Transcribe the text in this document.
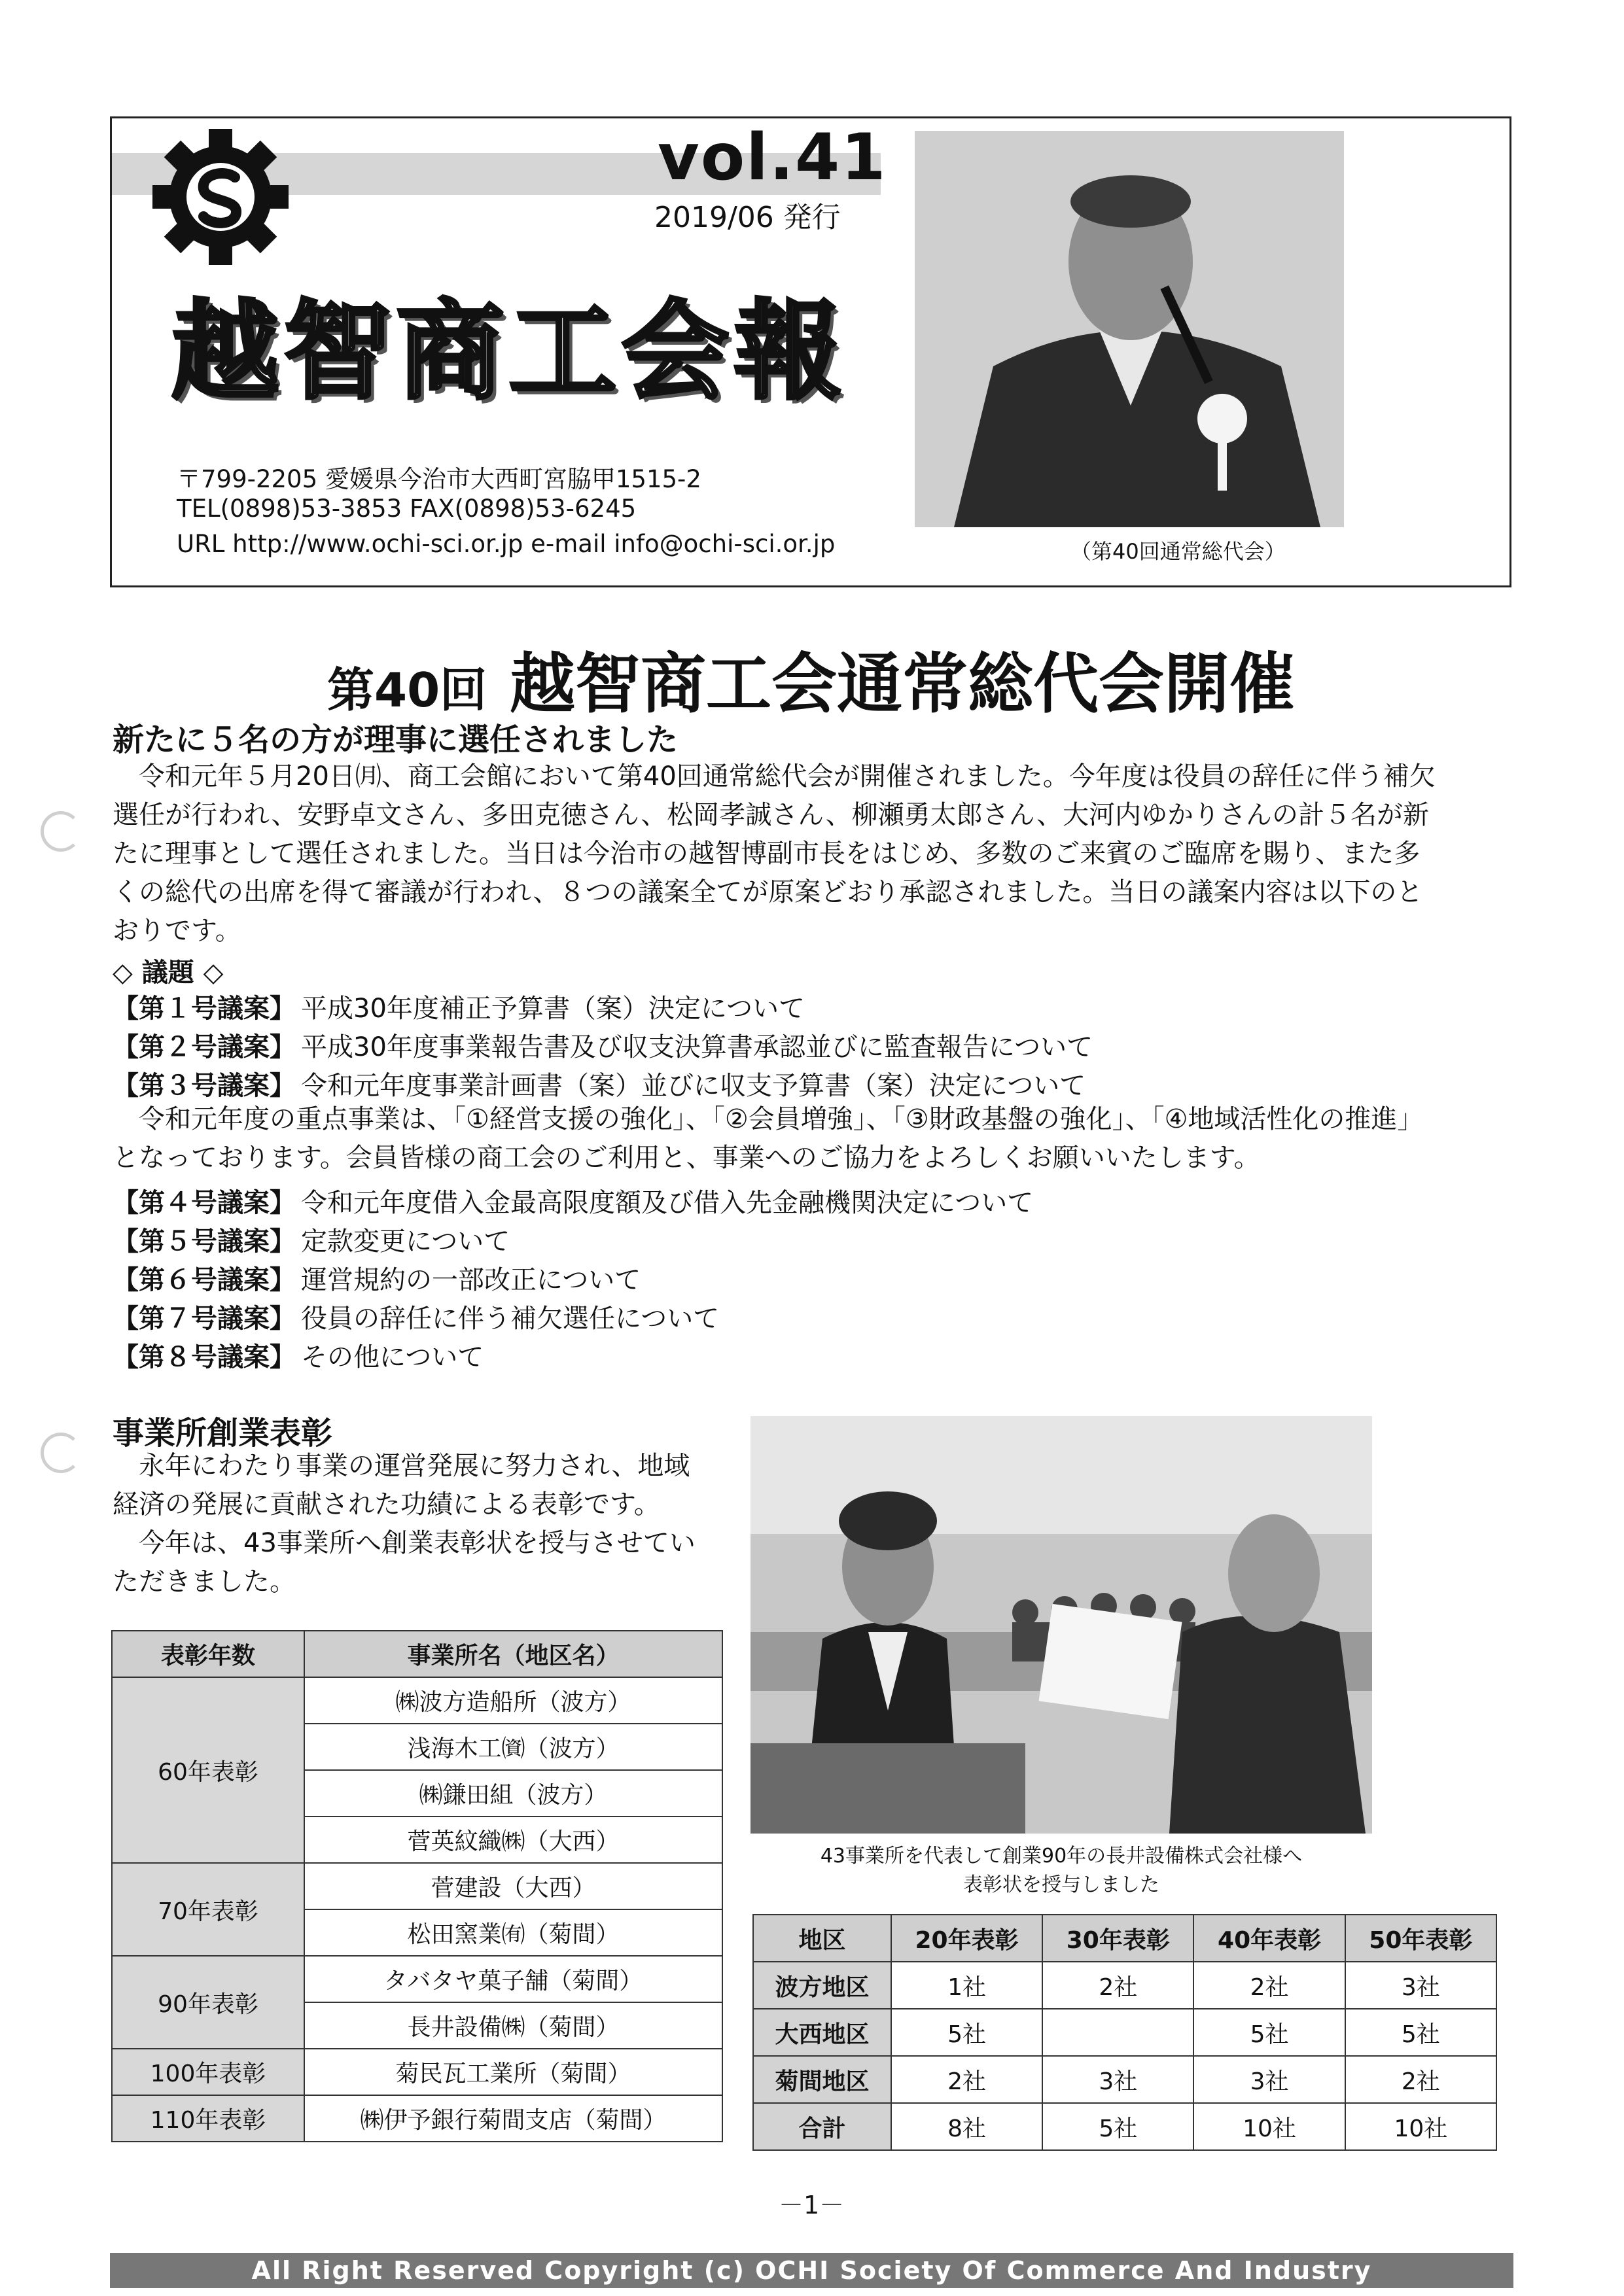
vol.41
2019/06 発行
越智商工会報
〒799-2205 愛媛県今治市大西町宮脇甲1515-2
TEL(0898)53-3853 FAX(0898)53-6245
URL http://www.ochi-sci.or.jp e-mail info@ochi-sci.or.jp	（第40回通常総代会）
第40回 越智商工会通常総代会開催
新たに５名の方が理事に選任されました
　令和元年５月20日㈪、商工会館において第40回通常総代会が開催されました。今年度は役員の辞任に伴う補欠
選任が行われ、安野卓文さん、多田克徳さん、松岡孝誠さん、柳瀬勇太郎さん、大河内ゆかりさんの計５名が新
たに理事として選任されました。当日は今治市の越智博副市長をはじめ、多数のご来賓のご臨席を賜り、また多
くの総代の出席を得て審議が行われ、８つの議案全てが原案どおり承認されました。当日の議案内容は以下のと
おりです。
◇ 議題 ◇
【第１号議案】 平成30年度補正予算書（案）決定について
【第２号議案】 平成30年度事業報告書及び収支決算書承認並びに監査報告について
【第３号議案】 令和元年度事業計画書（案）並びに収支予算書（案）決定について
　令和元年度の重点事業は、「①経営支援の強化」、「②会員増強」、「③財政基盤の強化」、「④地域活性化の推進」
となっております。会員皆様の商工会のご利用と、事業へのご協力をよろしくお願いいたします。
【第４号議案】 令和元年度借入金最高限度額及び借入先金融機関決定について
【第５号議案】 定款変更について
【第６号議案】 運営規約の一部改正について
【第７号議案】 役員の辞任に伴う補欠選任について
【第８号議案】 その他について
事業所創業表彰
　永年にわたり事業の運営発展に努力され、地域
経済の発展に貢献された功績による表彰です。
　今年は、43事業所へ創業表彰状を授与させてい
ただきました。
43事業所を代表して創業90年の長井設備株式会社様へ
表彰状を授与しました
表彰年数	事業所名（地区名）
60年表彰	㈱波方造船所（波方）
	浅海木工㈾（波方）
	㈱鎌田組（波方）
	菅英紋織㈱（大西）
70年表彰	菅建設（大西）
	松田窯業㈲（菊間）
90年表彰	タバタヤ菓子舗（菊間）
	長井設備㈱（菊間）
100年表彰	菊民瓦工業所（菊間）
110年表彰	㈱伊予銀行菊間支店（菊間）
地区	20年表彰	30年表彰	40年表彰	50年表彰
波方地区	1社	2社	2社	3社
大西地区	5社		5社	5社
菊間地区	2社	3社	3社	2社
合計	8社	5社	10社	10社
－1－
All Right Reserved Copyright (c) OCHI Society Of Commerce And Industry
